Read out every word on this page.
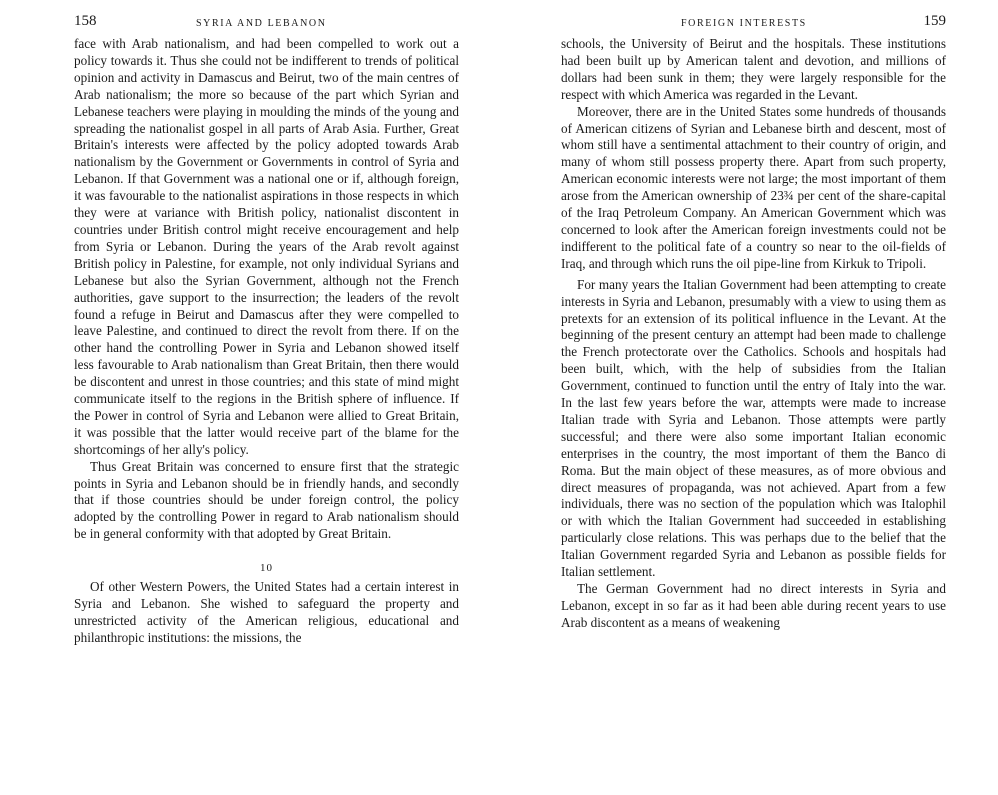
158	SYRIA AND LEBANON

face with Arab nationalism, and had been compelled to work out a policy towards it. Thus she could not be indifferent to trends of political opinion and activity in Damascus and Beirut, two of the main centres of Arab nationalism; the more so because of the part which Syrian and Lebanese teachers were playing in moulding the minds of the young and spreading the nationalist gospel in all parts of Arab Asia. Further, Great Britain's interests were affected by the policy adopted towards Arab nationalism by the Government or Governments in control of Syria and Lebanon. If that Government was a national one or if, although foreign, it was favourable to the nationalist aspirations in those respects in which they were at variance with British policy, nationalist discontent in countries under British control might receive encouragement and help from Syria or Lebanon. During the years of the Arab revolt against British policy in Palestine, for example, not only individual Syrians and Lebanese but also the Syrian Government, although not the French authorities, gave support to the insurrection; the leaders of the revolt found a refuge in Beirut and Damascus after they were compelled to leave Palestine, and continued to direct the revolt from there. If on the other hand the controlling Power in Syria and Lebanon showed itself less favourable to Arab nationalism than Great Britain, then there would be discontent and unrest in those countries; and this state of mind might communicate itself to the regions in the British sphere of influence. If the Power in control of Syria and Lebanon were allied to Great Britain, it was possible that the latter would receive part of the blame for the shortcomings of her ally's policy.

Thus Great Britain was concerned to ensure first that the strategic points in Syria and Lebanon should be in friendly hands, and secondly that if those countries should be under foreign control, the policy adopted by the controlling Power in regard to Arab nationalism should be in general conformity with that adopted by Great Britain.

10

Of other Western Powers, the United States had a certain interest in Syria and Lebanon. She wished to safeguard the property and unrestricted activity of the American religious, educational and philanthropic institutions: the missions, the

FOREIGN INTERESTS	159

schools, the University of Beirut and the hospitals. These institutions had been built up by American talent and devotion, and millions of dollars had been sunk in them; they were largely responsible for the respect with which America was regarded in the Levant.

Moreover, there are in the United States some hundreds of thousands of American citizens of Syrian and Lebanese birth and descent, most of whom still have a sentimental attachment to their country of origin, and many of whom still possess property there. Apart from such property, American economic interests were not large; the most important of them arose from the American ownership of 23¾ per cent of the share-capital of the Iraq Petroleum Company. An American Government which was concerned to look after the American foreign investments could not be indifferent to the political fate of a country so near to the oil-fields of Iraq, and through which runs the oil pipe-line from Kirkuk to Tripoli.

For many years the Italian Government had been attempting to create interests in Syria and Lebanon, presumably with a view to using them as pretexts for an extension of its political influence in the Levant. At the beginning of the present century an attempt had been made to challenge the French protectorate over the Catholics. Schools and hospitals had been built, which, with the help of subsidies from the Italian Government, continued to function until the entry of Italy into the war. In the last few years before the war, attempts were made to increase Italian trade with Syria and Lebanon. Those attempts were partly successful; and there were also some important Italian economic enterprises in the country, the most important of them the Banco di Roma. But the main object of these measures, as of more obvious and direct measures of propaganda, was not achieved. Apart from a few individuals, there was no section of the population which was Italophil or with which the Italian Government had succeeded in establishing particularly close relations. This was perhaps due to the belief that the Italian Government regarded Syria and Lebanon as possible fields for Italian settlement.

The German Government had no direct interests in Syria and Lebanon, except in so far as it had been able during recent years to use Arab discontent as a means of weakening
